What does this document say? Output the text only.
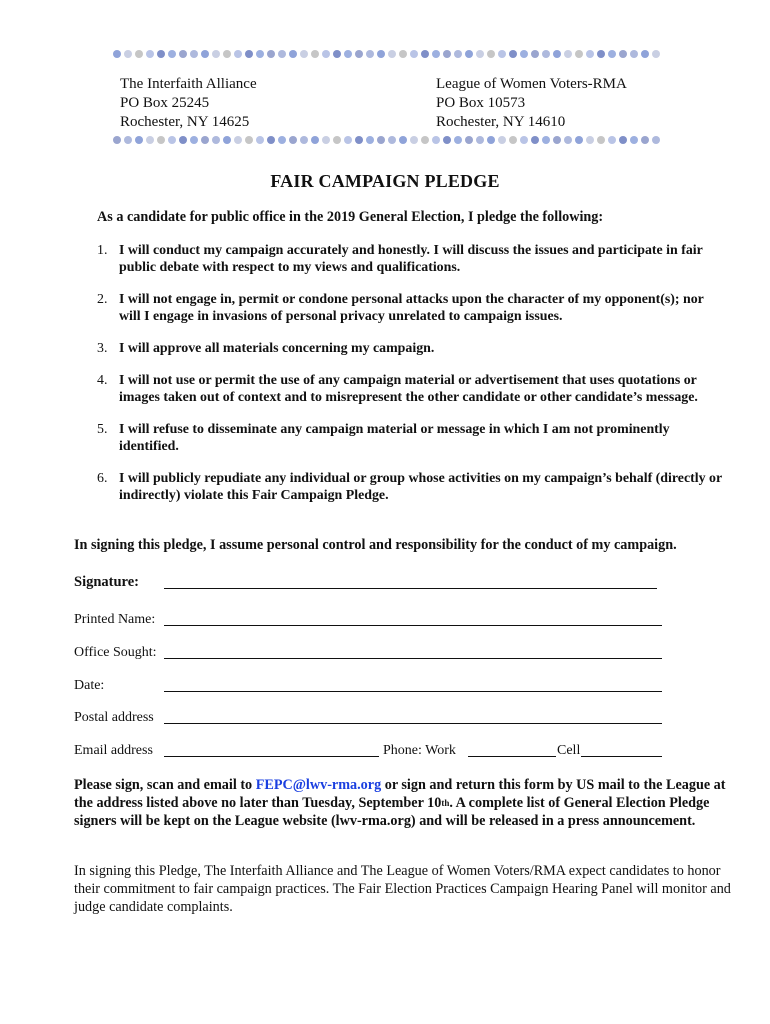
The Interfaith Alliance
PO Box 25245
Rochester, NY 14625
League of Women Voters-RMA
PO Box 10573
Rochester, NY 14610
FAIR CAMPAIGN PLEDGE
As a candidate for public office in the 2019 General Election, I pledge the following:
1. I will conduct my campaign accurately and honestly. I will discuss the issues and participate in fair public debate with respect to my views and qualifications.
2. I will not engage in, permit or condone personal attacks upon the character of my opponent(s); nor will I engage in invasions of personal privacy unrelated to campaign issues.
3. I will approve all materials concerning my campaign.
4. I will not use or permit the use of any campaign material or advertisement that uses quotations or images taken out of context and to misrepresent the other candidate or other candidate’s message.
5. I will refuse to disseminate any campaign material or message in which I am not prominently identified.
6. I will publicly repudiate any individual or group whose activities on my campaign’s behalf (directly or indirectly) violate this Fair Campaign Pledge.
In signing this pledge, I assume personal control and responsibility for the conduct of my campaign.
Signature:
Printed Name:
Office Sought:
Date:
Postal address
Email address	Phone: Work	Cell
Please sign, scan and email to FEPC@lwv-rma.org or sign and return this form by US mail to the League at the address listed above no later than Tuesday, September 10th. A complete list of General Election Pledge signers will be kept on the League website (lwv-rma.org) and will be released in a press announcement.
In signing this Pledge, The Interfaith Alliance and The League of Women Voters/RMA expect candidates to honor their commitment to fair campaign practices. The Fair Election Practices Campaign Hearing Panel will monitor and judge candidate complaints.
